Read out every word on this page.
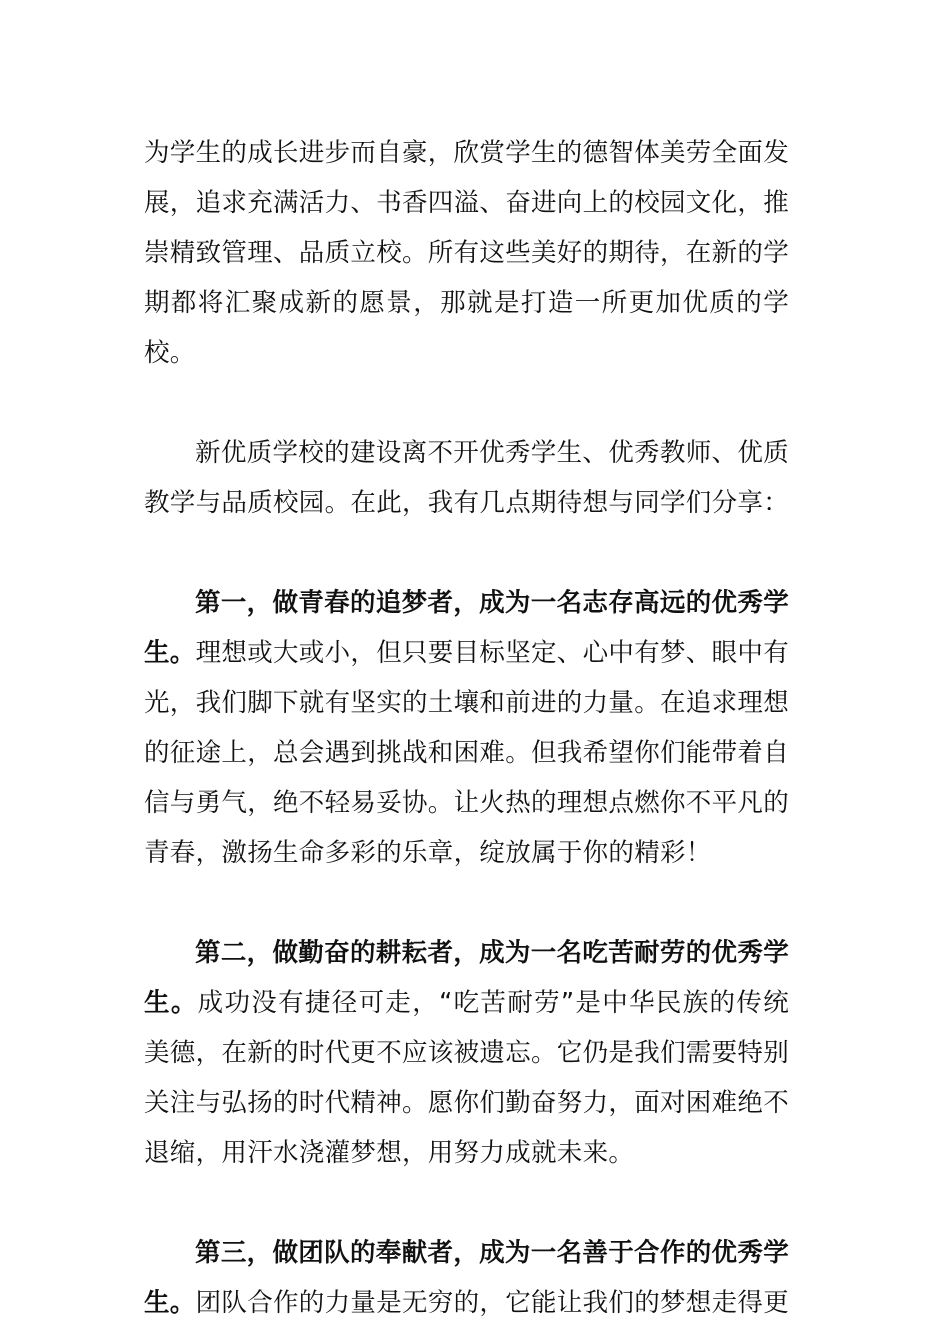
为学生的成长进步而自豪，欣赏学生的德智体美劳全面发展，追求充满活力、书香四溢、奋进向上的校园文化，推崇精致管理、品质立校。所有这些美好的期待，在新的学期都将汇聚成新的愿景，那就是打造一所更加优质的学校。

新优质学校的建设离不开优秀学生、优秀教师、优质教学与品质校园。在此，我有几点期待想与同学们分享：

第一，做青春的追梦者，成为一名志存高远的优秀学生。理想或大或小，但只要目标坚定、心中有梦、眼中有光，我们脚下就有坚实的土壤和前进的力量。在追求理想的征途上，总会遇到挑战和困难。但我希望你们能带着自信与勇气，绝不轻易妥协。让火热的理想点燃你不平凡的青春，激扬生命多彩的乐章，绽放属于你的精彩！

第二，做勤奋的耕耘者，成为一名吃苦耐劳的优秀学生。成功没有捷径可走，“吃苦耐劳”是中华民族的传统美德，在新的时代更不应该被遗忘。它仍是我们需要特别关注与弘扬的时代精神。愿你们勤奋努力，面对困难绝不退缩，用汗水浇灌梦想，用努力成就未来。

第三，做团队的奉献者，成为一名善于合作的优秀学生。团队合作的力量是无穷的，它能让我们的梦想走得更
